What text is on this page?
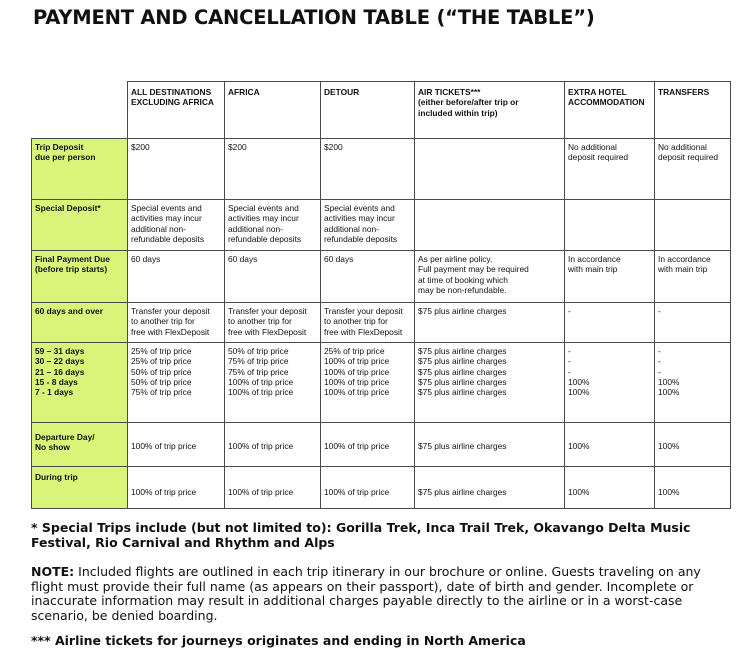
PAYMENT AND CANCELLATION TABLE (“THE TABLE”)
	ALL DESTINATIONS
EXCLUDING AFRICA	AFRICA	DETOUR	AIR TICKETS***
(either before/after trip or
included within trip)	EXTRA HOTEL
ACCOMMODATION	TRANSFERS
Trip Deposit
due per person	$200	$200	$200		No additional
deposit required	No additional
deposit required
Special Deposit*	Special events and
activities may incur
additional non-
refundable deposits	Special events and
activities may incur
additional non-
refundable deposits	Special events and
activities may incur
additional non-
refundable deposits			
Final Payment Due
(before trip starts)	60 days	60 days	60 days	As per airline policy.
Full payment may be required
at time of booking which
may be non-refundable.	In accordance
with main trip	In accordance
with main trip
60 days and over	Transfer your deposit
to another trip for
free with FlexDeposit	Transfer your deposit
to another trip for
free with FlexDeposit	Transfer your deposit
to another trip for
free with FlexDeposit	$75 plus airline charges	-	-
59 – 31 days
30 – 22 days
21 – 16 days
15 - 8 days
7 - 1 days	25% of trip price
25% of trip price
50% of trip price
50% of trip price
75% of trip price	50% of trip price
75% of trip price
75% of trip price
100% of trip price
100% of trip price	25% of trip price
100% of trip price
100% of trip price
100% of trip price
100% of trip price	$75 plus airline charges
$75 plus airline charges
$75 plus airline charges
$75 plus airline charges
$75 plus airline charges	-
-
-
100%
100%	-
-
-
100%
100%
Departure Day/
No show	100% of trip price	100% of trip price	100% of trip price	$75 plus airline charges	100%	100%
During trip	100% of trip price	100% of trip price	100% of trip price	$75 plus airline charges	100%	100%
* Special Trips include (but not limited to): Gorilla Trek, Inca Trail Trek, Okavango Delta Music Festival, Rio Carnival and Rhythm and Alps
NOTE: Included flights are outlined in each trip itinerary in our brochure or online. Guests traveling on any flight must provide their full name (as appears on their passport), date of birth and gender. Incomplete or inaccurate information may result in additional charges payable directly to the airline or in a worst-case scenario, be denied boarding.
*** Airline tickets for journeys originates and ending in North America
